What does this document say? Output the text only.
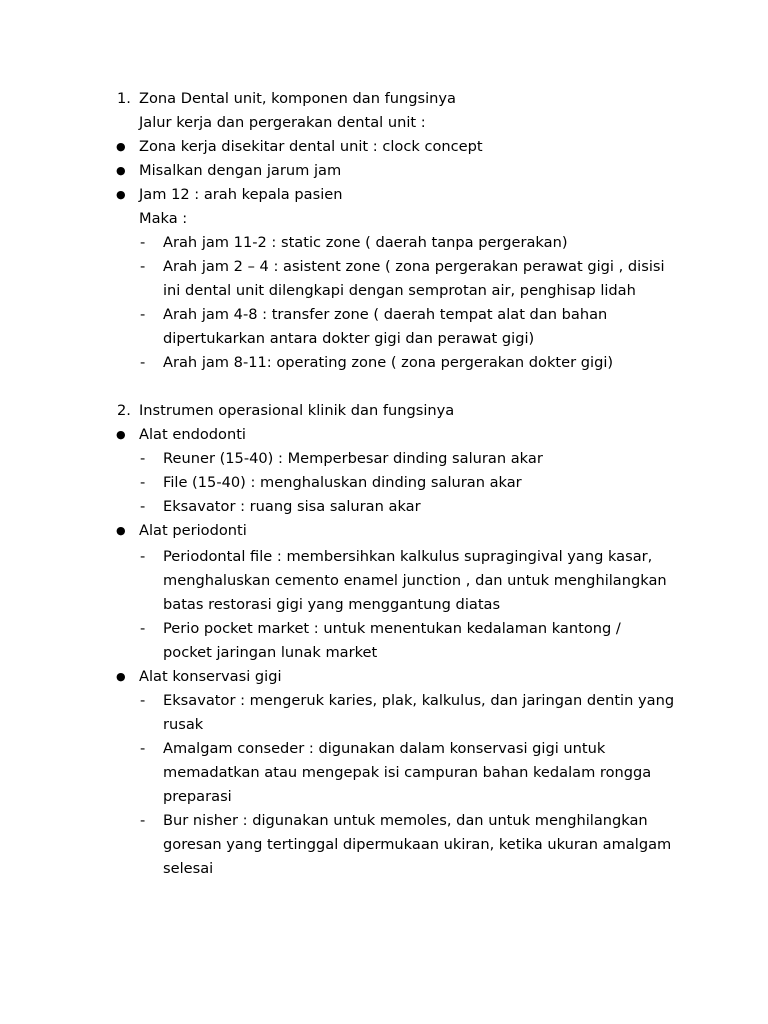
1. Zona Dental unit, komponen dan fungsinya
Jalur kerja dan pergerakan dental unit :
● Zona kerja disekitar dental unit : clock concept
● Misalkan dengan jarum jam
● Jam 12 : arah kepala pasien
Maka :
- Arah jam 11-2 : static zone ( daerah tanpa pergerakan)
- Arah jam 2 – 4 : asistent zone ( zona pergerakan perawat gigi , disisi
ini dental unit dilengkapi dengan semprotan air, penghisap lidah
- Arah jam 4-8 : transfer zone ( daerah tempat alat dan bahan
dipertukarkan antara dokter gigi dan perawat gigi)
- Arah jam 8-11: operating zone ( zona pergerakan dokter gigi)
2. Instrumen operasional klinik dan fungsinya
● Alat endodonti
- Reuner (15-40) : Memperbesar dinding saluran akar
- File (15-40) : menghaluskan dinding saluran akar
- Eksavator : ruang sisa saluran akar
● Alat periodonti
- Periodontal file : membersihkan kalkulus supragingival yang kasar,
menghaluskan cemento enamel junction , dan untuk menghilangkan
batas restorasi gigi yang menggantung diatas
- Perio pocket market : untuk menentukan kedalaman kantong /
pocket jaringan lunak market
● Alat konservasi gigi
- Eksavator : mengeruk karies, plak, kalkulus, dan jaringan dentin yang
rusak
- Amalgam conseder : digunakan dalam konservasi gigi untuk
memadatkan atau mengepak isi campuran bahan kedalam rongga
preparasi
- Bur nisher : digunakan untuk memoles, dan untuk menghilangkan
goresan yang tertinggal dipermukaan ukiran, ketika ukuran amalgam
selesai
